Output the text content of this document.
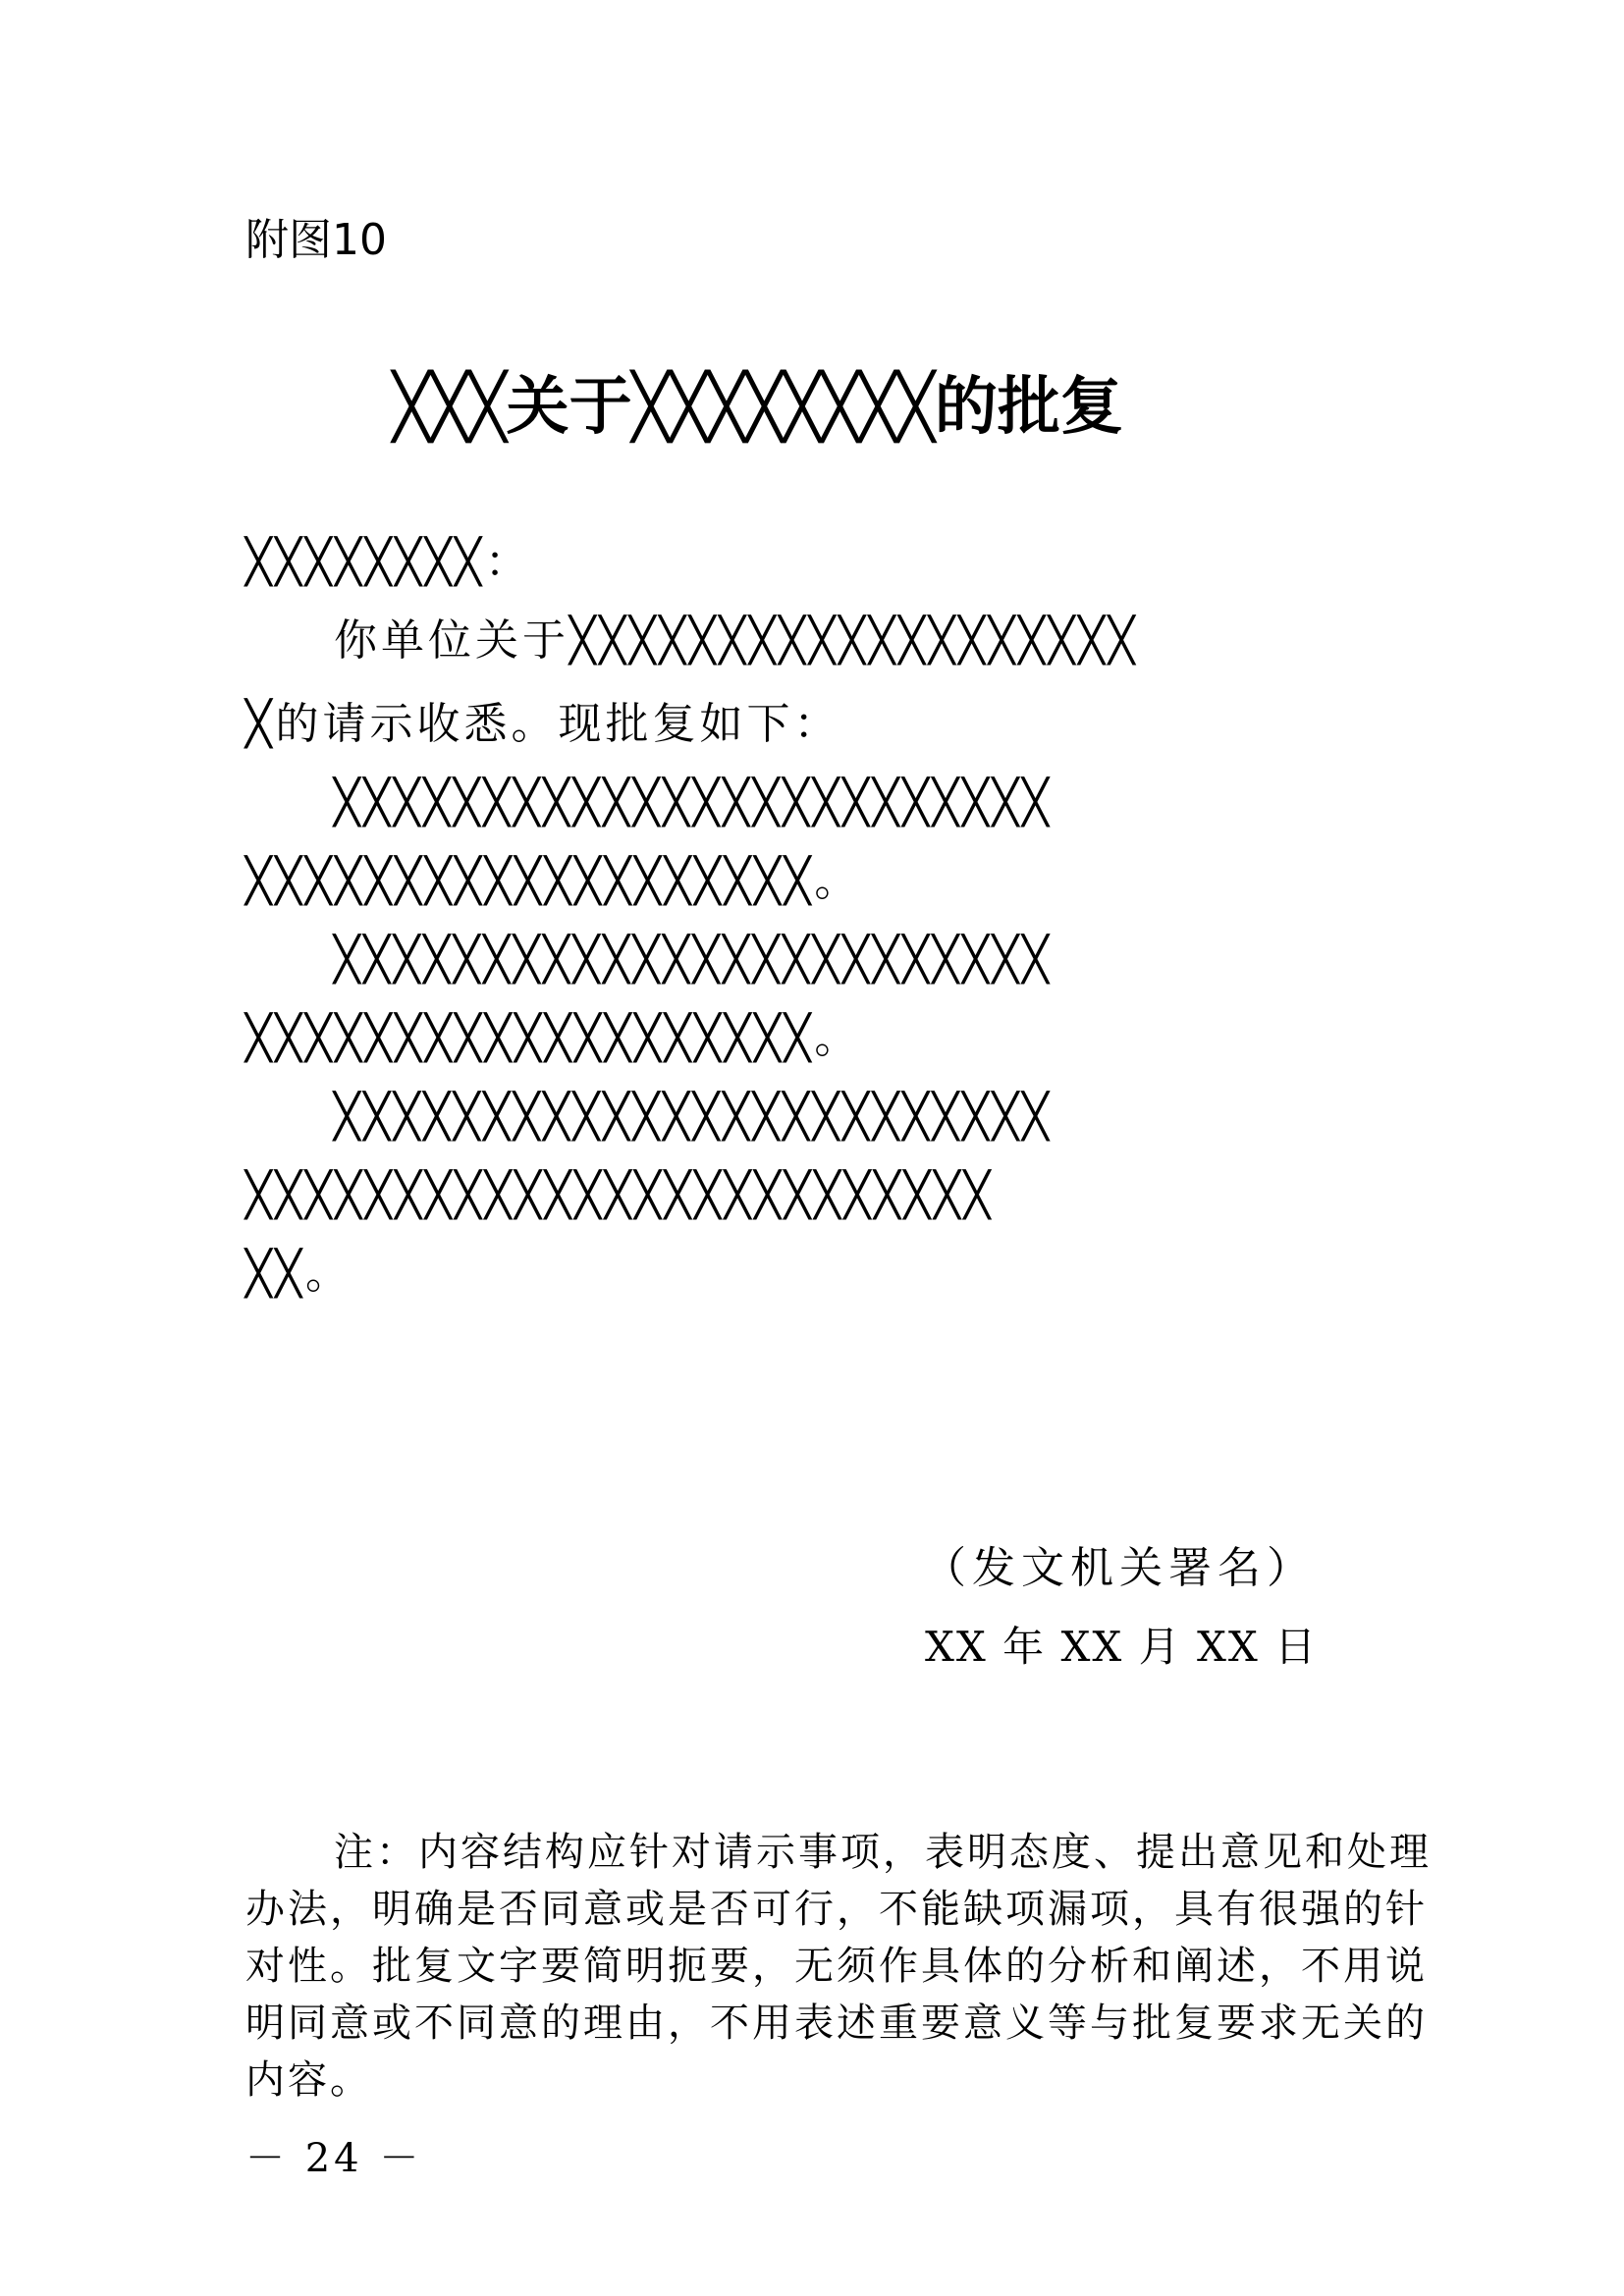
附图10
╳╳╳关于╳╳╳╳╳╳╳╳的批复
╳╳╳╳╳╳╳╳：
你单位关于╳╳╳╳╳╳╳╳╳╳╳╳╳╳╳╳╳╳╳
╳的请示收悉。现批复如下：
╳╳╳╳╳╳╳╳╳╳╳╳╳╳╳╳╳╳╳╳╳╳╳╳
╳╳╳╳╳╳╳╳╳╳╳╳╳╳╳╳╳╳╳。
╳╳╳╳╳╳╳╳╳╳╳╳╳╳╳╳╳╳╳╳╳╳╳╳
╳╳╳╳╳╳╳╳╳╳╳╳╳╳╳╳╳╳╳。
╳╳╳╳╳╳╳╳╳╳╳╳╳╳╳╳╳╳╳╳╳╳╳╳
╳╳╳╳╳╳╳╳╳╳╳╳╳╳╳╳╳╳╳╳╳╳╳╳╳
╳╳。
（发文机关署名）
XX 年 XX 月 XX 日
注：内容结构应针对请示事项，表明态度、提出意见和处理
办法，明确是否同意或是否可行，不能缺项漏项，具有很强的针
对性。批复文字要简明扼要，无须作具体的分析和阐述，不用说
明同意或不同意的理由，不用表述重要意义等与批复要求无关的
内容。
－ 24 －
